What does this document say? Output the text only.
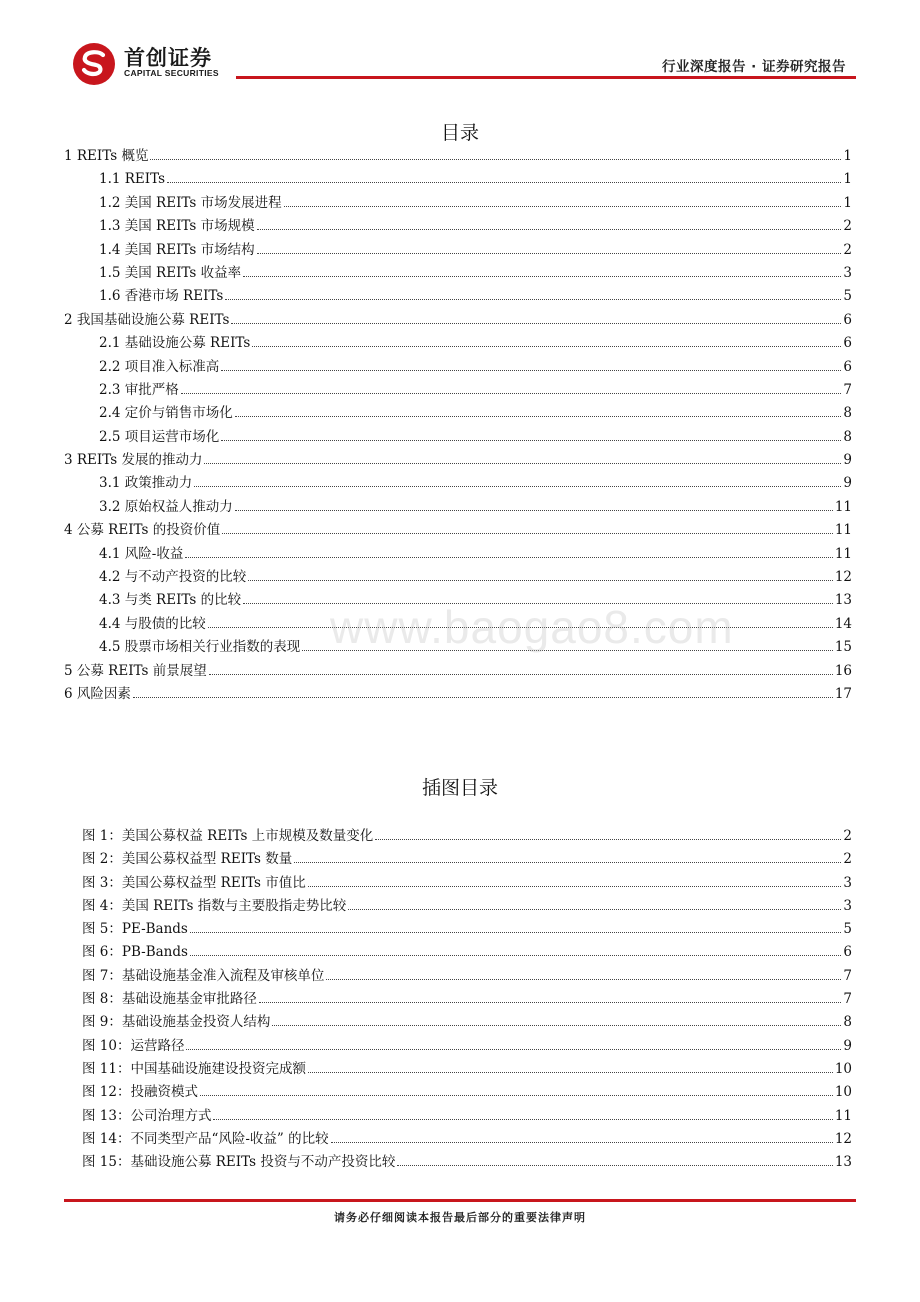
首创证券
CAPITAL SECURITIES	行业深度报告 · 证券研究报告
目录
1 REITs 概览	1
1.1 REITs	1
1.2 美国 REITs 市场发展进程	1
1.3 美国 REITs 市场规模	2
1.4 美国 REITs 市场结构	2
1.5 美国 REITs 收益率	3
1.6 香港市场 REITs	5
2 我国基础设施公募 REITs	6
2.1 基础设施公募 REITs	6
2.2 项目准入标准高	6
2.3 审批严格	7
2.4 定价与销售市场化	8
2.5 项目运营市场化	8
3 REITs 发展的推动力	9
3.1 政策推动力	9
3.2 原始权益人推动力	11
4 公募 REITs 的投资价值	11
4.1 风险-收益	11
4.2 与不动产投资的比较	12
4.3 与类 REITs 的比较	13
4.4 与股债的比较	14
4.5 股票市场相关行业指数的表现	15
5 公募 REITs 前景展望	16
6 风险因素	17
插图目录
图 1：美国公募权益 REITs 上市规模及数量变化	2
图 2：美国公募权益型 REITs 数量	2
图 3：美国公募权益型 REITs 市值比	3
图 4：美国 REITs 指数与主要股指走势比较	3
图 5：PE-Bands	5
图 6：PB-Bands	6
图 7：基础设施基金准入流程及审核单位	7
图 8：基础设施基金审批路径	7
图 9：基础设施基金投资人结构	8
图 10：运营路径	9
图 11：中国基础设施建设投资完成额	10
图 12：投融资模式	10
图 13：公司治理方式	11
图 14：不同类型产品“风险-收益” 的比较	12
图 15：基础设施公募 REITs 投资与不动产投资比较	13
www.baogao8.com
请务必仔细阅读本报告最后部分的重要法律声明
